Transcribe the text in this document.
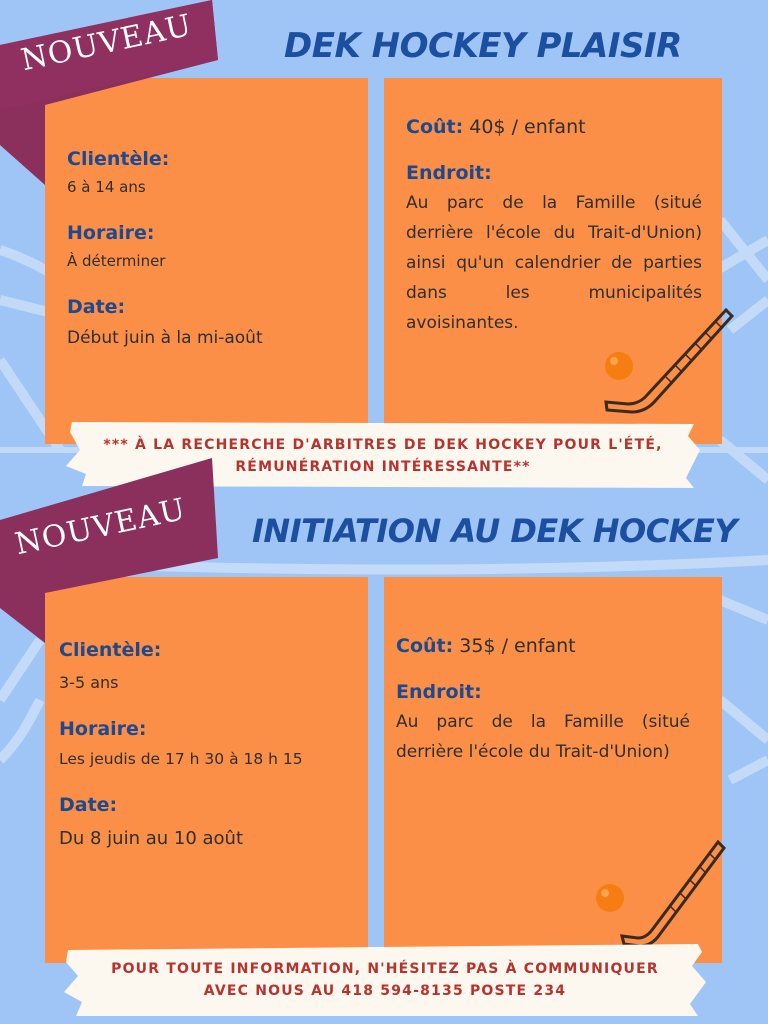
DEK HOCKEY PLAISIR

Clientèle:

6 à 14 ans

Horaire:

À déterminer

Date:

Début juin à la mi-août
Coût: 40$ / enfant

Endroit:

Au parc de la Famille (situé derrière l'école du Trait-d'Union) ainsi qu'un calendrier de parties dans les municipalités avoisinantes.
NOUVEAU
*** À LA RECHERCHE D'ARBITRES DE DEK HOCKEY POUR L'ÉTÉ,
RÉMUNÉRATION INTÉRESSANTE**
INITIATION AU DEK HOCKEY

Clientèle:

3-5 ans

Horaire:

Les jeudis de 17 h 30 à 18 h 15

Date:

Du 8 juin au 10 août
Coût: 35$ / enfant

Endroit:

Au parc de la Famille (situé derrière l'école du Trait-d'Union)
NOUVEAU
POUR TOUTE INFORMATION, N'HÉSITEZ PAS À COMMUNIQUER
AVEC NOUS AU 418 594-8135 POSTE 234
